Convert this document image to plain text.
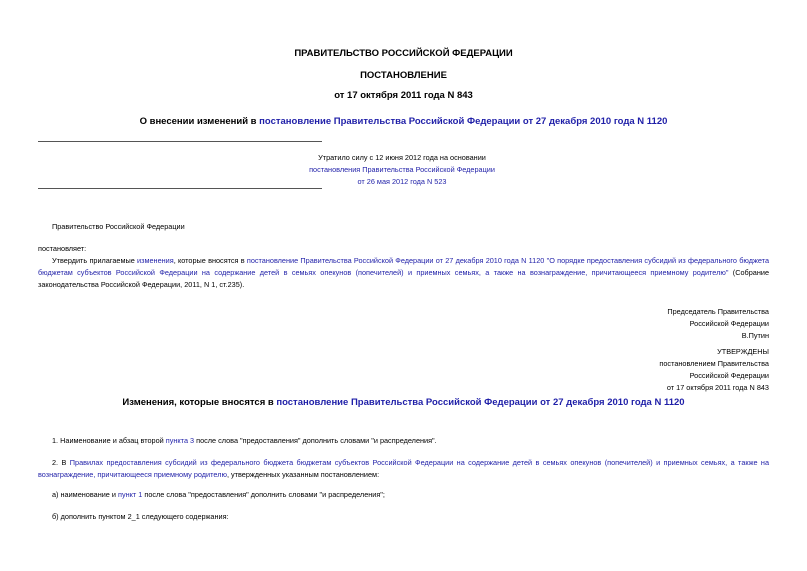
ПРАВИТЕЛЬСТВО РОССИЙСКОЙ ФЕДЕРАЦИИ
ПОСТАНОВЛЕНИЕ
от 17 октября 2011 года N 843
О внесении изменений в постановление Правительства Российской Федерации от 27 декабря 2010 года N 1120
Утратило силу с 12 июня 2012 года на основании
постановления Правительства Российской Федерации
от 26 мая 2012 года N 523
Правительство Российской Федерации
постановляет:
Утвердить прилагаемые изменения, которые вносятся в постановление Правительства Российской Федерации от 27 декабря 2010 года N 1120 "О порядке предоставления субсидий из федерального бюджета бюджетам субъектов Российской Федерации на содержание детей в семьях опекунов (попечителей) и приемных семьях, а также на вознаграждение, причитающееся приемному родителю" (Собрание законодательства Российской Федерации, 2011, N 1, ст.235).
Председатель Правительства
Российской Федерации
В.Путин
УТВЕРЖДЕНЫ
постановлением Правительства
Российской Федерации
от 17 октября 2011 года N 843
Изменения, которые вносятся в постановление Правительства Российской Федерации от 27 декабря 2010 года N 1120
1. Наименование и абзац второй пункта 3 после слова "предоставления" дополнить словами "и распределения".
2. В Правилах предоставления субсидий из федерального бюджета бюджетам субъектов Российской Федерации на содержание детей в семьях опекунов (попечителей) и приемных семьях, а также на вознаграждение, причитающееся приемному родителю, утвержденных указанным постановлением:
а) наименование и пункт 1 после слова "предоставления" дополнить словами "и распределения";
б) дополнить пунктом 2_1 следующего содержания:
